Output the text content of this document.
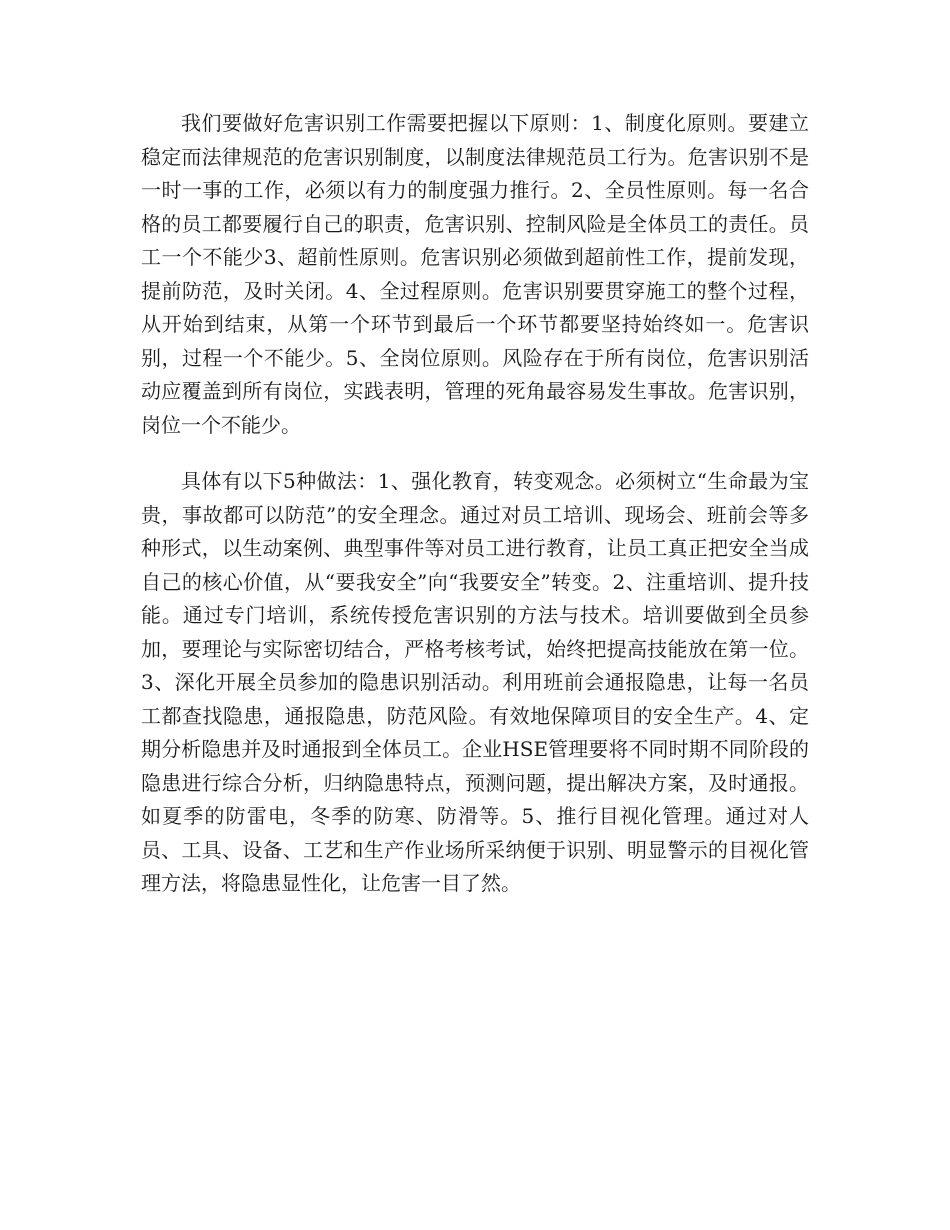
我们要做好危害识别工作需要把握以下原则：1、制度化原则。要建立稳定而法律规范的危害识别制度，以制度法律规范员工行为。危害识别不是一时一事的工作，必须以有力的制度强力推行。2、全员性原则。每一名合格的员工都要履行自己的职责，危害识别、控制风险是全体员工的责任。员工一个不能少3、超前性原则。危害识别必须做到超前性工作，提前发现，提前防范，及时关闭。4、全过程原则。危害识别要贯穿施工的整个过程，从开始到结束，从第一个环节到最后一个环节都要坚持始终如一。危害识别，过程一个不能少。5、全岗位原则。风险存在于所有岗位，危害识别活动应覆盖到所有岗位，实践表明，管理的死角最容易发生事故。危害识别，岗位一个不能少。

具体有以下5种做法：1、强化教育，转变观念。必须树立“生命最为宝贵，事故都可以防范”的安全理念。通过对员工培训、现场会、班前会等多种形式，以生动案例、典型事件等对员工进行教育，让员工真正把安全当成自己的核心价值，从“要我安全”向“我要安全”转变。2、注重培训、提升技能。通过专门培训，系统传授危害识别的方法与技术。培训要做到全员参加，要理论与实际密切结合，严格考核考试，始终把提高技能放在第一位。3、深化开展全员参加的隐患识别活动。利用班前会通报隐患，让每一名员工都查找隐患，通报隐患，防范风险。有效地保障项目的安全生产。4、定期分析隐患并及时通报到全体员工。企业HSE管理要将不同时期不同阶段的隐患进行综合分析，归纳隐患特点，预测问题，提出解决方案，及时通报。如夏季的防雷电，冬季的防寒、防滑等。5、推行目视化管理。通过对人员、工具、设备、工艺和生产作业场所采纳便于识别、明显警示的目视化管理方法，将隐患显性化，让危害一目了然。
